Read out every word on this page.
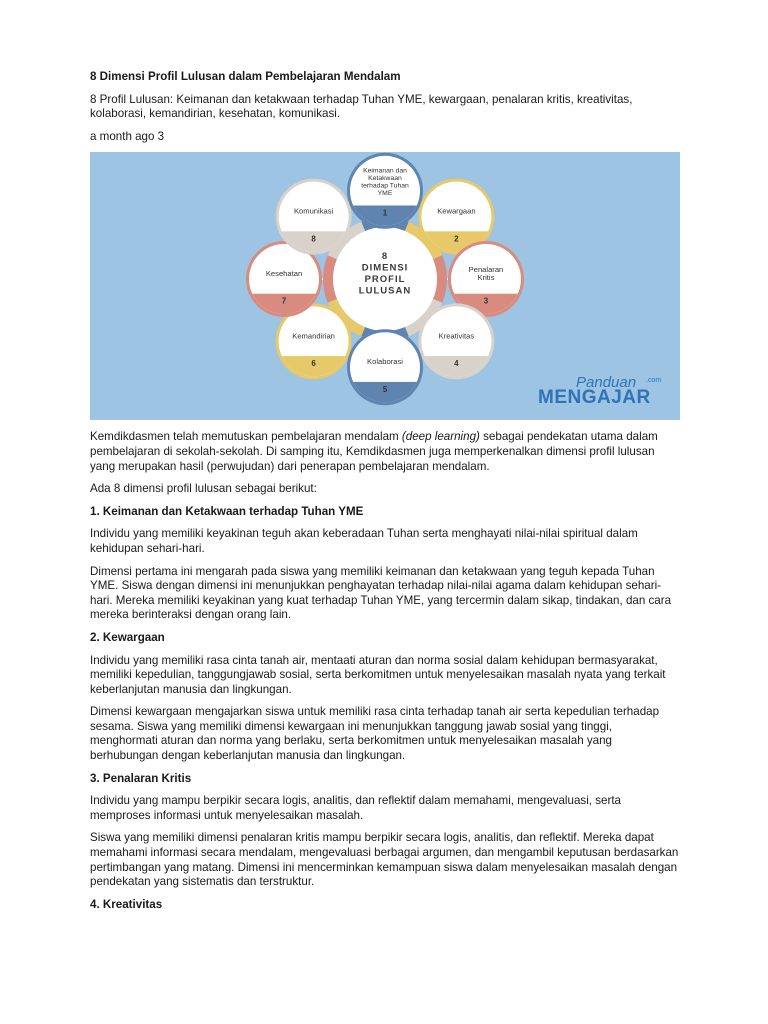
8 Dimensi Profil Lulusan dalam Pembelajaran Mendalam

8 Profil Lulusan: Keimanan dan ketakwaan terhadap Tuhan YME, kewargaan, penalaran kritis, kreativitas, kolaborasi, kemandirian, kesehatan, komunikasi.

a month ago 3

8
DIMENSI
PROFIL
LULUSAN
Keimanan dan
Ketakwaan
terhadap Tuhan
YME
1	Kewargaan
2
Penalaran
Kritis
3
Kreativitas
4
Kolaborasi
5
Kemandirian
6
Kesehatan
7
Komunikasi
8
Panduan .com
MENGAJAR

Kemdikdasmen telah memutuskan pembelajaran mendalam (deep learning) sebagai pendekatan utama dalam pembelajaran di sekolah-sekolah. Di samping itu, Kemdikdasmen juga memperkenalkan dimensi profil lulusan yang merupakan hasil (perwujudan) dari penerapan pembelajaran mendalam.

Ada 8 dimensi profil lulusan sebagai berikut:

1. Keimanan dan Ketakwaan terhadap Tuhan YME

Individu yang memiliki keyakinan teguh akan keberadaan Tuhan serta menghayati nilai-nilai spiritual dalam kehidupan sehari-hari.

Dimensi pertama ini mengarah pada siswa yang memiliki keimanan dan ketakwaan yang teguh kepada Tuhan YME. Siswa dengan dimensi ini menunjukkan penghayatan terhadap nilai-nilai agama dalam kehidupan sehari-hari. Mereka memiliki keyakinan yang kuat terhadap Tuhan YME, yang tercermin dalam sikap, tindakan, dan cara mereka berinteraksi dengan orang lain.

2. Kewargaan

Individu yang memiliki rasa cinta tanah air, mentaati aturan dan norma sosial dalam kehidupan bermasyarakat, memiliki kepedulian, tanggungjawab sosial, serta berkomitmen untuk menyelesaikan masalah nyata yang terkait keberlanjutan manusia dan lingkungan.

Dimensi kewargaan mengajarkan siswa untuk memiliki rasa cinta terhadap tanah air serta kepedulian terhadap sesama. Siswa yang memiliki dimensi kewargaan ini menunjukkan tanggung jawab sosial yang tinggi, menghormati aturan dan norma yang berlaku, serta berkomitmen untuk menyelesaikan masalah yang berhubungan dengan keberlanjutan manusia dan lingkungan.

3. Penalaran Kritis

Individu yang mampu berpikir secara logis, analitis, dan reflektif dalam memahami, mengevaluasi, serta memproses informasi untuk menyelesaikan masalah.

Siswa yang memiliki dimensi penalaran kritis mampu berpikir secara logis, analitis, dan reflektif. Mereka dapat memahami informasi secara mendalam, mengevaluasi berbagai argumen, dan mengambil keputusan berdasarkan pertimbangan yang matang. Dimensi ini mencerminkan kemampuan siswa dalam menyelesaikan masalah dengan pendekatan yang sistematis dan terstruktur.

4. Kreativitas
